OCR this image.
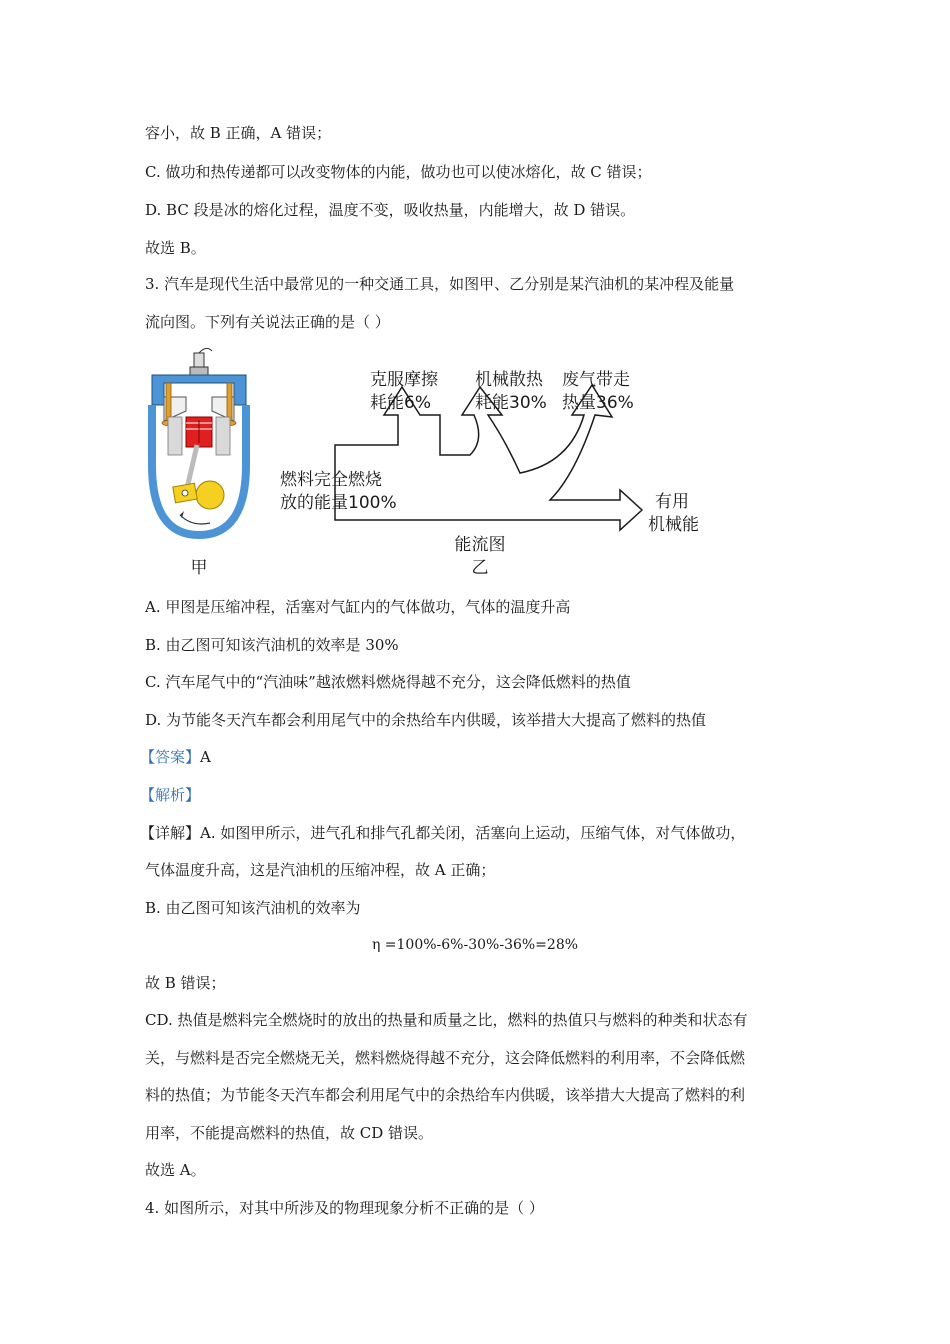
容小，故 B 正确，A 错误；
C. 做功和热传递都可以改变物体的内能，做功也可以使冰熔化，故 C 错误；
D. BC 段是冰的熔化过程，温度不变，吸收热量，内能增大，故 D 错误。
故选 B。
3. 汽车是现代生活中最常见的一种交通工具，如图甲、乙分别是某汽油机的某冲程及能量
流向图。下列有关说法正确的是（ ）
甲
克服摩擦
耗能6%
机械散热
耗能30%
废气带走
热量36%
燃料完全燃烧
放的能量100%	有用
机械能
能流图
乙
A. 甲图是压缩冲程，活塞对气缸内的气体做功，气体的温度升高
B. 由乙图可知该汽油机的效率是 30%
C. 汽车尾气中的“汽油味”越浓燃料燃烧得越不充分，这会降低燃料的热值
D. 为节能冬天汽车都会利用尾气中的余热给车内供暖，该举措大大提高了燃料的热值
【答案】A
【解析】
【详解】A. 如图甲所示，进气孔和排气孔都关闭，活塞向上运动，压缩气体，对气体做功，
气体温度升高，这是汽油机的压缩冲程，故 A 正确；
B. 由乙图可知该汽油机的效率为
η =100%-6%-30%-36%=28%
故 B 错误；
CD. 热值是燃料完全燃烧时的放出的热量和质量之比，燃料的热值只与燃料的种类和状态有
关，与燃料是否完全燃烧无关，燃料燃烧得越不充分，这会降低燃料的利用率，不会降低燃
料的热值；为节能冬天汽车都会利用尾气中的余热给车内供暖，该举措大大提高了燃料的利
用率，不能提高燃料的热值，故 CD 错误。
故选 A。
4. 如图所示，对其中所涉及的物理现象分析不正确的是（ ）
